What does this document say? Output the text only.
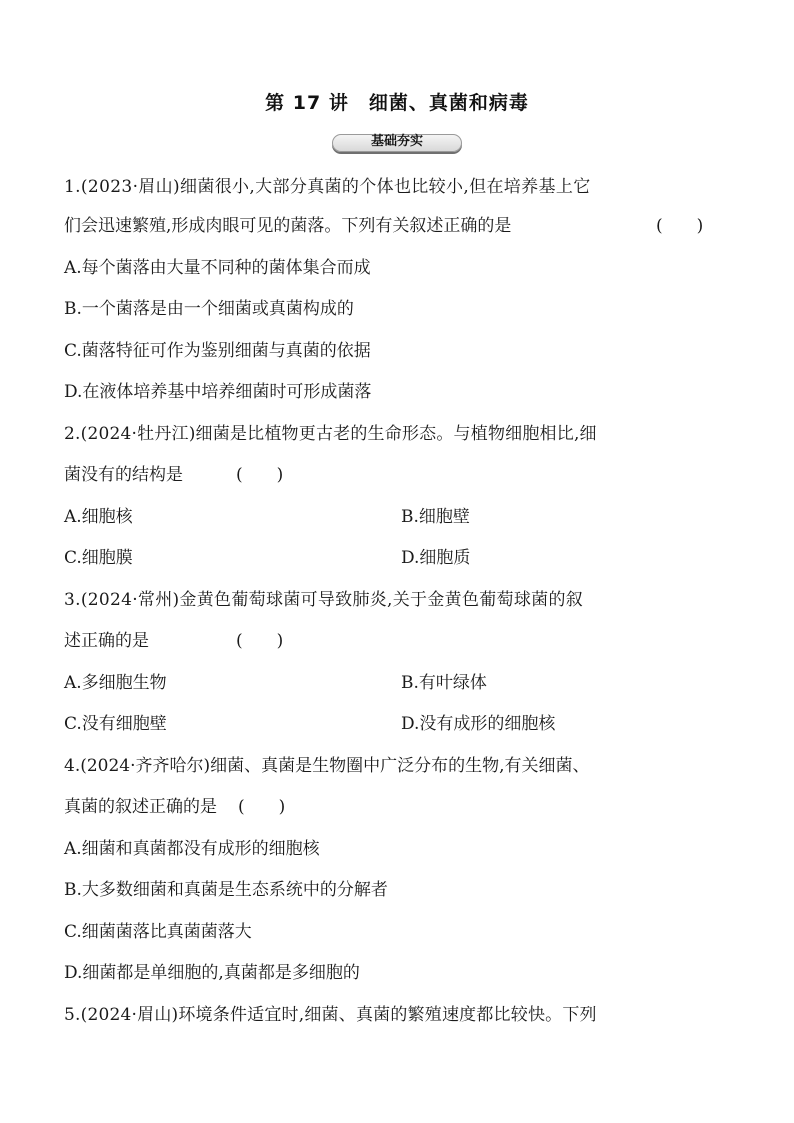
第 17 讲　细菌、真菌和病毒
基础夯实
1.(2023·眉山)细菌很小,大部分真菌的个体也比较小,但在培养基上它
们会迅速繁殖,形成肉眼可见的菌落。下列有关叙述正确的是	(　　)
A.每个菌落由大量不同种的菌体集合而成
B.一个菌落是由一个细菌或真菌构成的
C.菌落特征可作为鉴别细菌与真菌的依据
D.在液体培养基中培养细菌时可形成菌落
2.(2024·牡丹江)细菌是比植物更古老的生命形态。与植物细胞相比,细
菌没有的结构是	(　　)
A.细胞核	B.细胞壁
C.细胞膜	D.细胞质
3.(2024·常州)金黄色葡萄球菌可导致肺炎,关于金黄色葡萄球菌的叙
述正确的是	(　　)
A.多细胞生物	B.有叶绿体
C.没有细胞壁	D.没有成形的细胞核
4.(2024·齐齐哈尔)细菌、真菌是生物圈中广泛分布的生物,有关细菌、
真菌的叙述正确的是 (　　)
A.细菌和真菌都没有成形的细胞核
B.大多数细菌和真菌是生态系统中的分解者
C.细菌菌落比真菌菌落大
D.细菌都是单细胞的,真菌都是多细胞的
5.(2024·眉山)环境条件适宜时,细菌、真菌的繁殖速度都比较快。下列
